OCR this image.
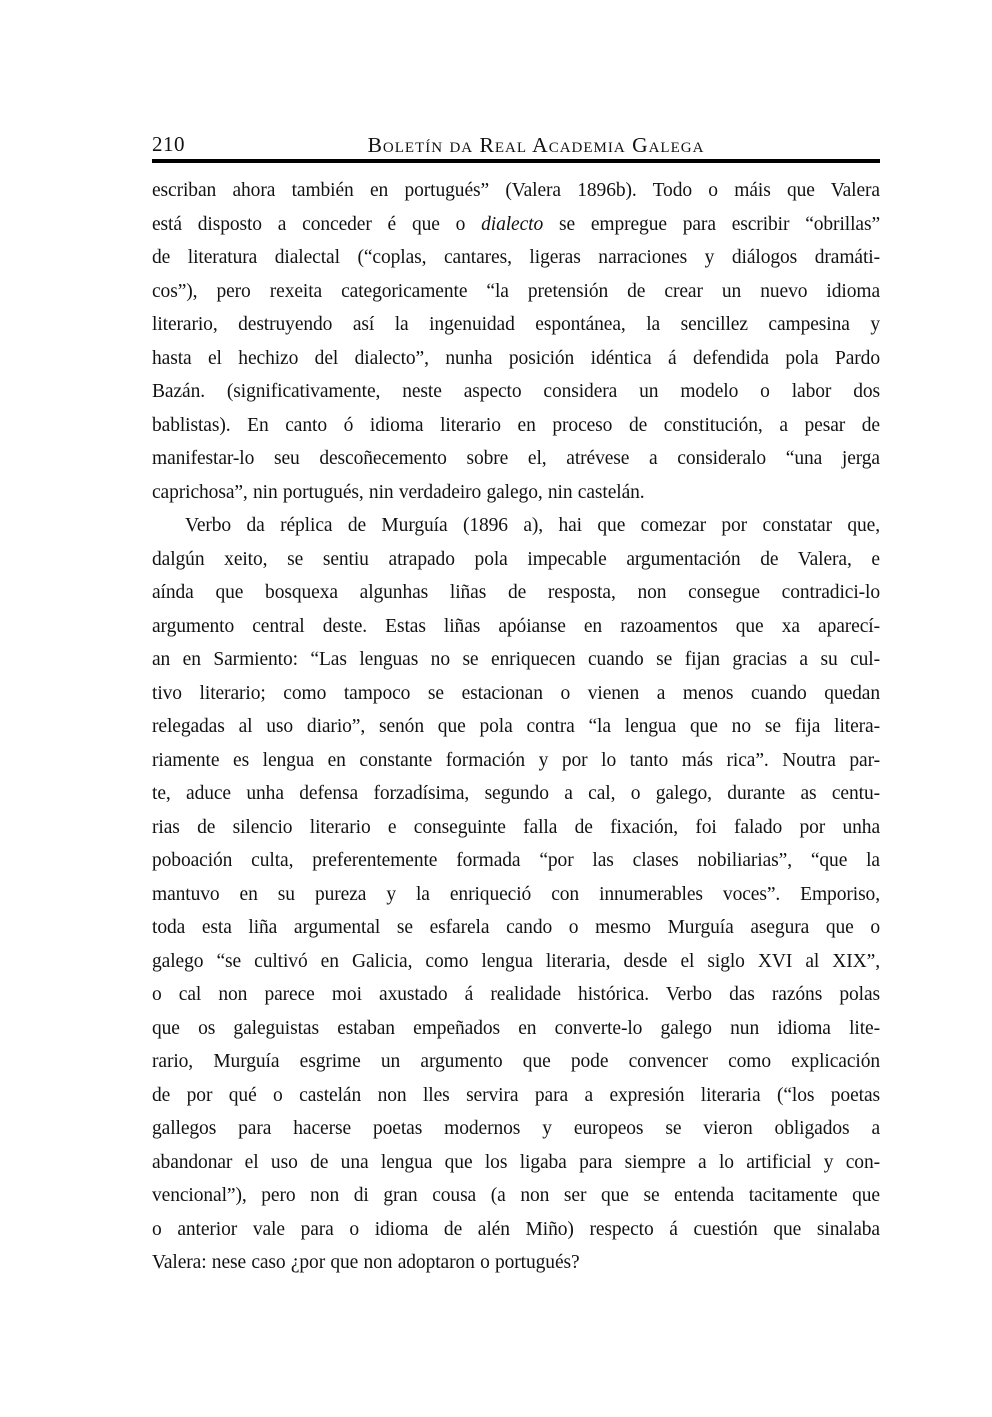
210	Boletín da Real Academia Galega
escriban ahora también en portugués” (Valera 1896b). Todo o máis que Valera
está disposto a conceder é que o dialecto se empregue para escribir “obrillas”
de literatura dialectal (“coplas, cantares, ligeras narraciones y diálogos dramáti-
cos”), pero rexeita categoricamente “la pretensión de crear un nuevo idioma
literario, destruyendo así la ingenuidad espontánea, la sencillez campesina y
hasta el hechizo del dialecto”, nunha posición idéntica á defendida pola Pardo
Bazán. (significativamente, neste aspecto considera un modelo o labor dos
bablistas). En canto ó idioma literario en proceso de constitución, a pesar de
manifestar-lo seu descoñecemento sobre el, atrévese a consideralo “una jerga
caprichosa”, nin portugués, nin verdadeiro galego, nin castelán.
Verbo da réplica de Murguía (1896 a), hai que comezar por constatar que,
dalgún xeito, se sentiu atrapado pola impecable argumentación de Valera, e
aínda que bosquexa algunhas liñas de resposta, non consegue contradici-lo
argumento central deste. Estas liñas apóianse en razoamentos que xa aparecí-
an en Sarmiento: “Las lenguas no se enriquecen cuando se fijan gracias a su cul-
tivo literario; como tampoco se estacionan o vienen a menos cuando quedan
relegadas al uso diario”, senón que pola contra “la lengua que no se fija litera-
riamente es lengua en constante formación y por lo tanto más rica”. Noutra par-
te, aduce unha defensa forzadísima, segundo a cal, o galego, durante as centu-
rias de silencio literario e conseguinte falla de fixación, foi falado por unha
poboación culta, preferentemente formada “por las clases nobiliarias”, “que la
mantuvo en su pureza y la enriqueció con innumerables voces”. Emporiso,
toda esta liña argumental se esfarela cando o mesmo Murguía asegura que o
galego “se cultivó en Galicia, como lengua literaria, desde el siglo XVI al XIX”,
o cal non parece moi axustado á realidade histórica. Verbo das razóns polas
que os galeguistas estaban empeñados en converte-lo galego nun idioma lite-
rario, Murguía esgrime un argumento que pode convencer como explicación
de por qué o castelán non lles servira para a expresión literaria (“los poetas
gallegos para hacerse poetas modernos y europeos se vieron obligados a
abandonar el uso de una lengua que los ligaba para siempre a lo artificial y con-
vencional”), pero non di gran cousa (a non ser que se entenda tacitamente que
o anterior vale para o idioma de alén Miño) respecto á cuestión que sinalaba
Valera: nese caso ¿por que non adoptaron o portugués?
